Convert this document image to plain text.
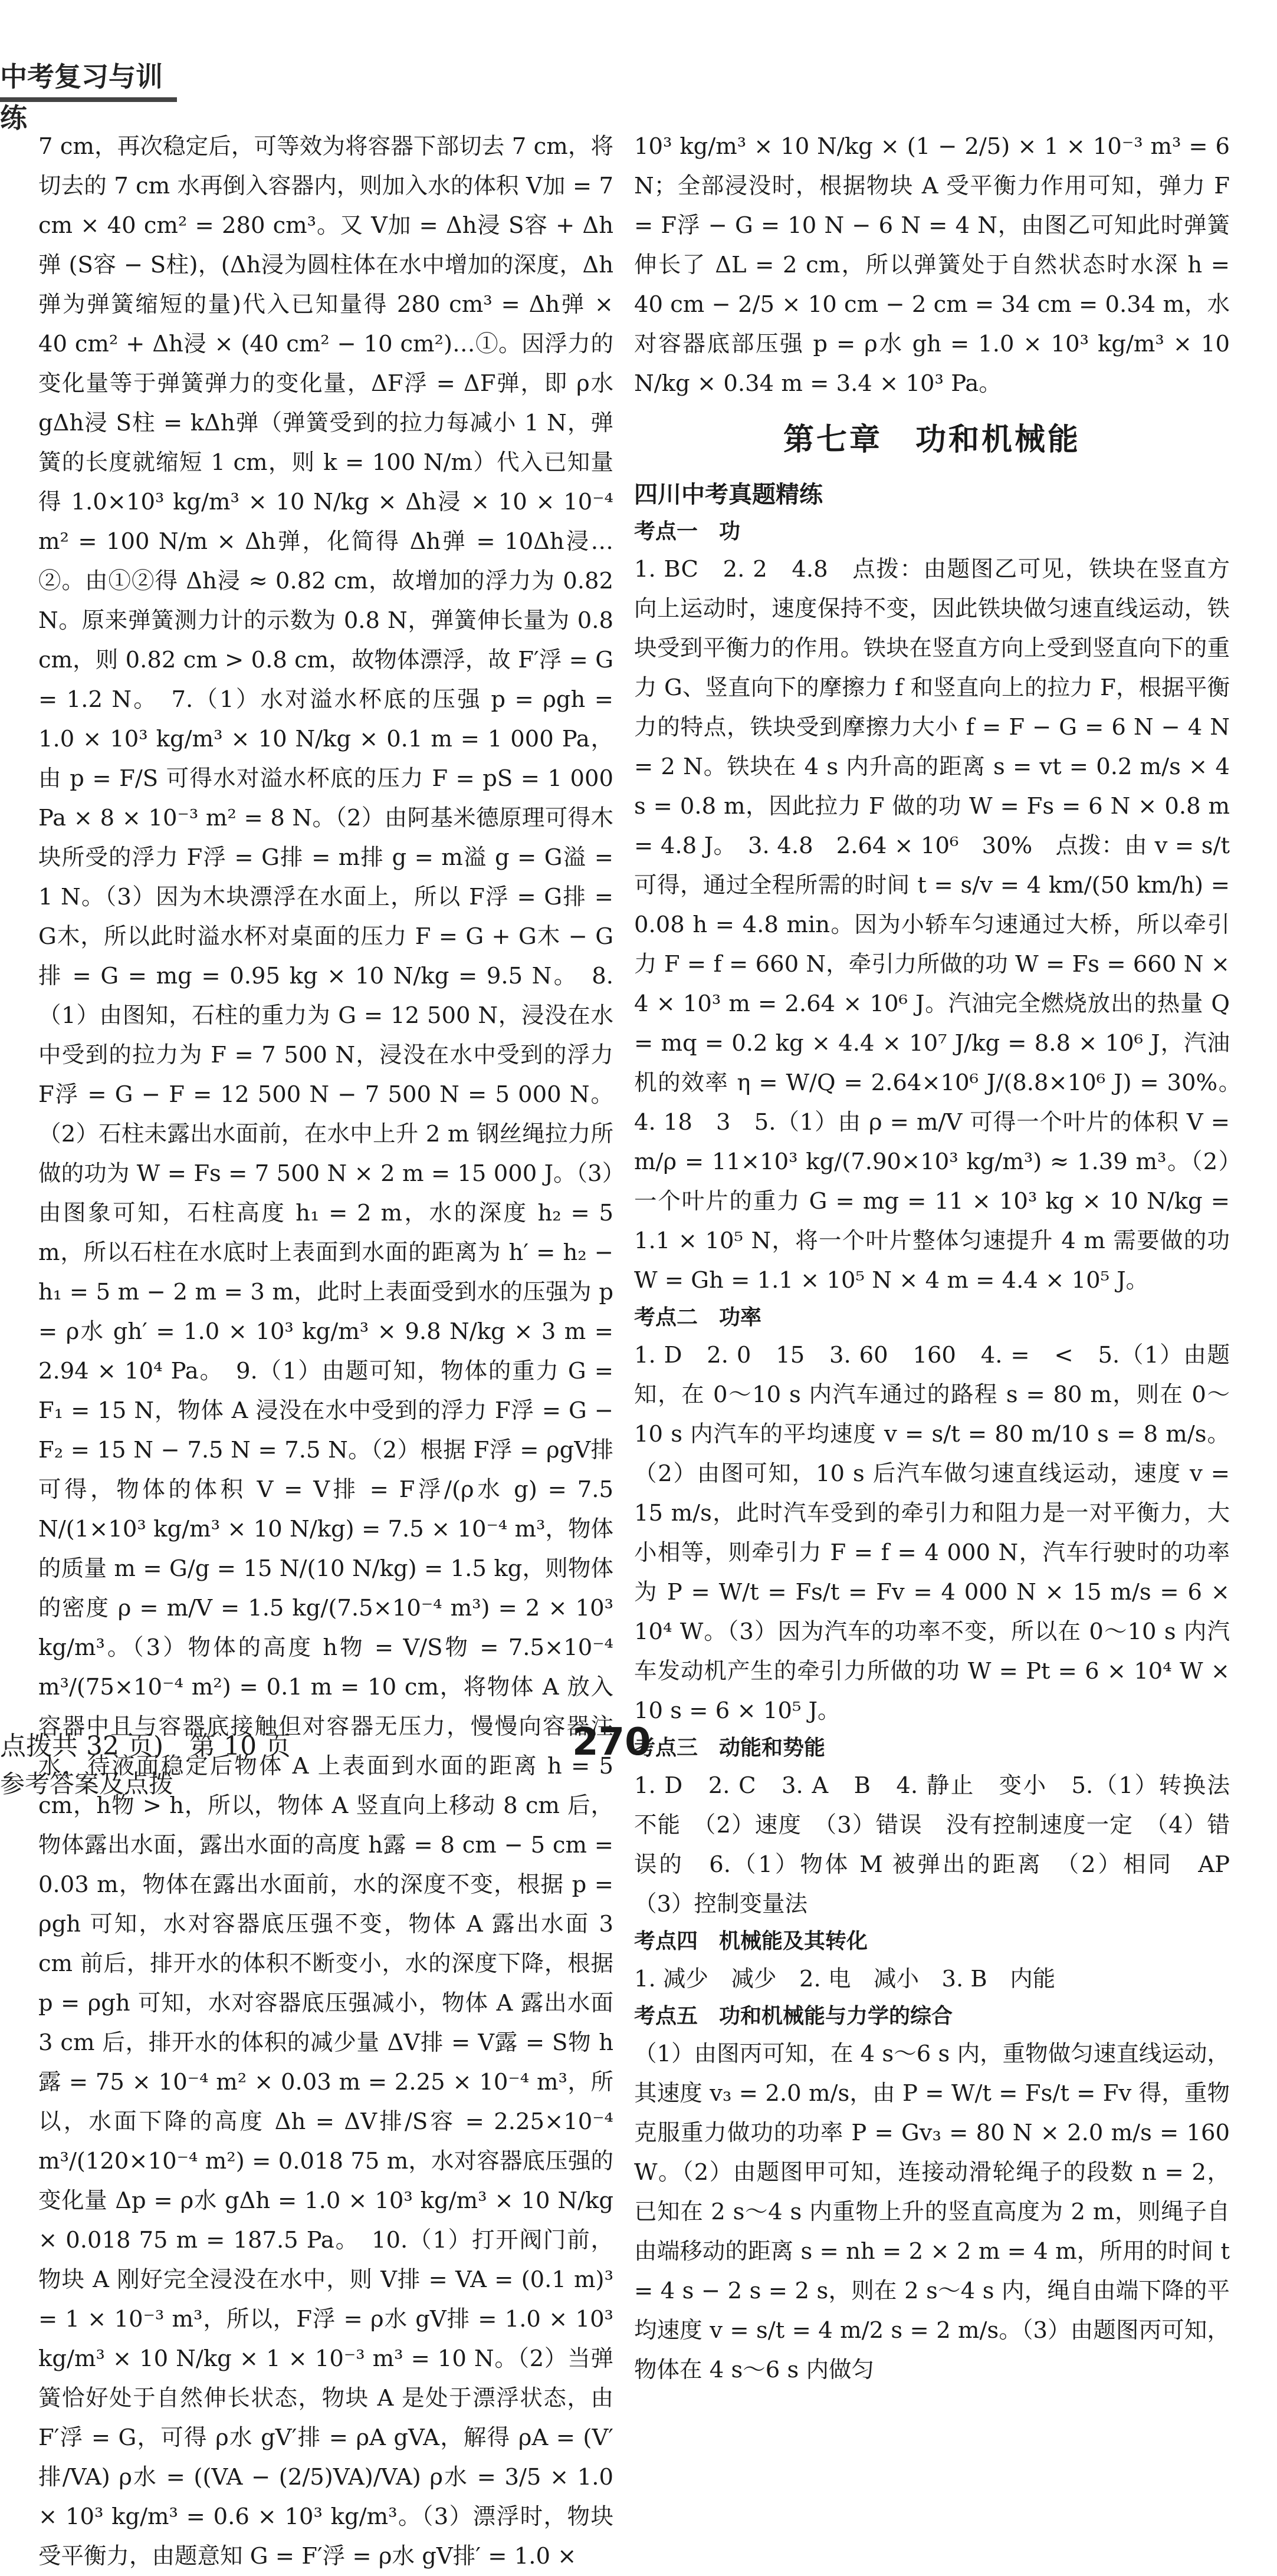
中考复习与训练

7 cm，再次稳定后，可等效为将容器下部切去 7 cm，将切去的 7 cm 水再倒入容器内，则加入水的体积 V加 = 7 cm × 40 cm² = 280 cm³。又 V加 = Δh浸 S容 + Δh弹 (S容 − S柱)，(Δh浸为圆柱体在水中增加的深度，Δh弹为弹簧缩短的量)代入已知量得 280 cm³ = Δh弹 × 40 cm² + Δh浸 × (40 cm² − 10 cm²)…①。因浮力的变化量等于弹簧弹力的变化量，ΔF浮 = ΔF弹，即 ρ水 gΔh浸 S柱 = kΔh弹（弹簧受到的拉力每减小 1 N，弹簧的长度就缩短 1 cm，则 k = 100 N/m）代入已知量得 1.0×10³ kg/m³ × 10 N/kg × Δh浸 × 10 × 10⁻⁴ m² = 100 N/m × Δh弹，化简得 Δh弹 = 10Δh浸…②。由①②得 Δh浸 ≈ 0.82 cm，故增加的浮力为 0.82 N。原来弹簧测力计的示数为 0.8 N，弹簧伸长量为 0.8 cm，则 0.82 cm > 0.8 cm，故物体漂浮，故 F′浮 = G = 1.2 N。　7.（1）水对溢水杯底的压强 p = ρgh = 1.0 × 10³ kg/m³ × 10 N/kg × 0.1 m = 1 000 Pa，由 p = F/S 可得水对溢水杯底的压力 F = pS = 1 000 Pa × 8 × 10⁻³ m² = 8 N。（2）由阿基米德原理可得木块所受的浮力 F浮 = G排 = m排 g = m溢 g = G溢 = 1 N。（3）因为木块漂浮在水面上，所以 F浮 = G排 = G木，所以此时溢水杯对桌面的压力 F = G + G木 − G排 = G = mg = 0.95 kg × 10 N/kg = 9.5 N。　8.（1）由图知，石柱的重力为 G = 12 500 N，浸没在水中受到的拉力为 F = 7 500 N，浸没在水中受到的浮力 F浮 = G − F = 12 500 N − 7 500 N = 5 000 N。（2）石柱未露出水面前，在水中上升 2 m 钢丝绳拉力所做的功为 W = Fs = 7 500 N × 2 m = 15 000 J。（3）由图象可知，石柱高度 h₁ = 2 m，水的深度 h₂ = 5 m，所以石柱在水底时上表面到水面的距离为 h′ = h₂ − h₁ = 5 m − 2 m = 3 m，此时上表面受到水的压强为 p = ρ水 gh′ = 1.0 × 10³ kg/m³ × 9.8 N/kg × 3 m = 2.94 × 10⁴ Pa。　9.（1）由题可知，物体的重力 G = F₁ = 15 N，物体 A 浸没在水中受到的浮力 F浮 = G − F₂ = 15 N − 7.5 N = 7.5 N。（2）根据 F浮 = ρgV排 可得，物体的体积 V = V排 = F浮/(ρ水 g) = 7.5 N/(1×10³ kg/m³ × 10 N/kg) = 7.5 × 10⁻⁴ m³，物体的质量 m = G/g = 15 N/(10 N/kg) = 1.5 kg，则物体的密度 ρ = m/V = 1.5 kg/(7.5×10⁻⁴ m³) = 2 × 10³ kg/m³。（3）物体的高度 h物 = V/S物 = 7.5×10⁻⁴ m³/(75×10⁻⁴ m²) = 0.1 m = 10 cm，将物体 A 放入容器中且与容器底接触但对容器无压力，慢慢向容器注水，待液面稳定后物体 A 上表面到水面的距离 h = 5 cm，h物 > h，所以，物体 A 竖直向上移动 8 cm 后，物体露出水面，露出水面的高度 h露 = 8 cm − 5 cm = 0.03 m，物体在露出水面前，水的深度不变，根据 p = ρgh 可知，水对容器底压强不变，物体 A 露出水面 3 cm 前后，排开水的体积不断变小，水的深度下降，根据 p = ρgh 可知，水对容器底压强减小，物体 A 露出水面 3 cm 后，排开水的体积的减少量 ΔV排 = V露 = S物 h露 = 75 × 10⁻⁴ m² × 0.03 m = 2.25 × 10⁻⁴ m³，所以，水面下降的高度 Δh = ΔV排/S容 = 2.25×10⁻⁴ m³/(120×10⁻⁴ m²) = 0.018 75 m，水对容器底压强的变化量 Δp = ρ水 gΔh = 1.0 × 10³ kg/m³ × 10 N/kg × 0.018 75 m = 187.5 Pa。　10.（1）打开阀门前，物块 A 刚好完全浸没在水中，则 V排 = VA = (0.1 m)³ = 1 × 10⁻³ m³，所以，F浮 = ρ水 gV排 = 1.0 × 10³ kg/m³ × 10 N/kg × 1 × 10⁻³ m³ = 10 N。（2）当弹簧恰好处于自然伸长状态，物块 A 是处于漂浮状态，由 F′浮 = G，可得 ρ水 gV′排 = ρA gVA，解得 ρA = (V′排/VA) ρ水 = ((VA − (2/5)VA)/VA) ρ水 = 3/5 × 1.0 × 10³ kg/m³ = 0.6 × 10³ kg/m³。（3）漂浮时，物块受平衡力，由题意知 G = F′浮 = ρ水 gV排′ = 1.0 ×

10³ kg/m³ × 10 N/kg × (1 − 2/5) × 1 × 10⁻³ m³ = 6 N；全部浸没时，根据物块 A 受平衡力作用可知，弹力 F = F浮 − G = 10 N − 6 N = 4 N，由图乙可知此时弹簧伸长了 ΔL = 2 cm，所以弹簧处于自然状态时水深 h = 40 cm − 2/5 × 10 cm − 2 cm = 34 cm = 0.34 m，水对容器底部压强 p = ρ水 gh = 1.0 × 10³ kg/m³ × 10 N/kg × 0.34 m = 3.4 × 10³ Pa。

第七章　功和机械能
四川中考真题精练
考点一　功

1. BC　2. 2　4.8　点拨：由题图乙可见，铁块在竖直方向上运动时，速度保持不变，因此铁块做匀速直线运动，铁块受到平衡力的作用。铁块在竖直方向上受到竖直向下的重力 G、竖直向下的摩擦力 f 和竖直向上的拉力 F，根据平衡力的特点，铁块受到摩擦力大小 f = F − G = 6 N − 4 N = 2 N。铁块在 4 s 内升高的距离 s = vt = 0.2 m/s × 4 s = 0.8 m，因此拉力 F 做的功 W = Fs = 6 N × 0.8 m = 4.8 J。　3. 4.8　2.64 × 10⁶　30%　点拨：由 v = s/t 可得，通过全程所需的时间 t = s/v = 4 km/(50 km/h) = 0.08 h = 4.8 min。因为小轿车匀速通过大桥，所以牵引力 F = f = 660 N，牵引力所做的功 W = Fs = 660 N × 4 × 10³ m = 2.64 × 10⁶ J。汽油完全燃烧放出的热量 Q = mq = 0.2 kg × 4.4 × 10⁷ J/kg = 8.8 × 10⁶ J，汽油机的效率 η = W/Q = 2.64×10⁶ J/(8.8×10⁶ J) = 30%。　4. 18　3　5.（1）由 ρ = m/V 可得一个叶片的体积 V = m/ρ = 11×10³ kg/(7.90×10³ kg/m³) ≈ 1.39 m³。（2）一个叶片的重力 G = mg = 11 × 10³ kg × 10 N/kg = 1.1 × 10⁵ N，将一个叶片整体匀速提升 4 m 需要做的功 W = Gh = 1.1 × 10⁵ N × 4 m = 4.4 × 10⁵ J。

考点二　功率

1. D　2. 0　15　3. 60　160　4. =　<　5.（1）由题知，在 0～10 s 内汽车通过的路程 s = 80 m，则在 0～10 s 内汽车的平均速度 v = s/t = 80 m/10 s = 8 m/s。（2）由图可知，10 s 后汽车做匀速直线运动，速度 v = 15 m/s，此时汽车受到的牵引力和阻力是一对平衡力，大小相等，则牵引力 F = f = 4 000 N，汽车行驶时的功率为 P = W/t = Fs/t = Fv = 4 000 N × 15 m/s = 6 × 10⁴ W。（3）因为汽车的功率不变，所以在 0～10 s 内汽车发动机产生的牵引力所做的功 W = Pt = 6 × 10⁴ W × 10 s = 6 × 10⁵ J。

考点三　动能和势能

1. D　2. C　3. A　B　4. 静止　变小　5.（1）转换法　不能　（2）速度　（3）错误　没有控制速度一定　（4）错误的　6.（1）物体 M 被弹出的距离　（2）相同　AP　（3）控制变量法

考点四　机械能及其转化

1. 减少　减少　2. 电　减小　3. B　内能

考点五　功和机械能与力学的综合

（1）由图丙可知，在 4 s～6 s 内，重物做匀速直线运动，其速度 v₃ = 2.0 m/s，由 P = W/t = Fs/t = Fv 得，重物克服重力做功的功率 P = Gv₃ = 80 N × 2.0 m/s = 160 W。（2）由题图甲可知，连接动滑轮绳子的段数 n = 2，已知在 2 s～4 s 内重物上升的竖直高度为 2 m，则绳子自由端移动的距离 s = nh = 2 × 2 m = 4 m，所用的时间 t = 4 s − 2 s = 2 s，则在 2 s～4 s 内，绳自由端下降的平均速度 v = s/t = 4 m/2 s = 2 m/s。（3）由题图丙可知，物体在 4 s～6 s 内做匀

点拨共 32 页)　第 10 页
参考答案及点拨
270
